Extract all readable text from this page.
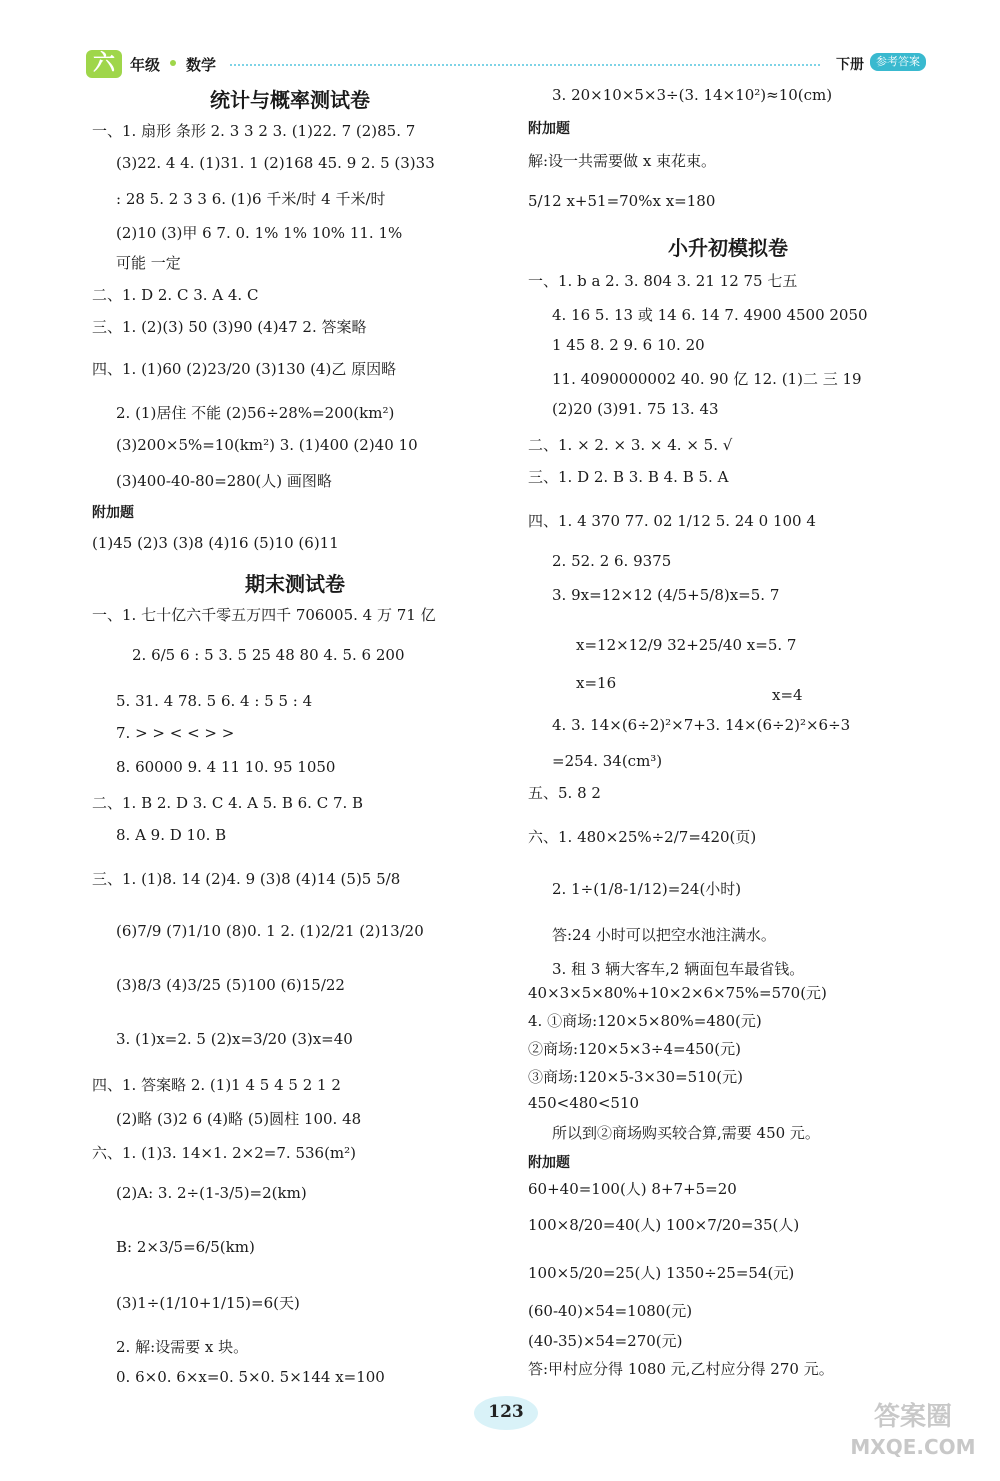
六	年级 数学	下册	参考答案
统计与概率测试卷
一、1. 扇形 条形 2. 3 3 2 3. (1)22. 7 (2)85. 7
(3)22. 4 4. (1)31. 1 (2)168 45. 9 2. 5 (3)33
: 28 5. 2 3 3 6. (1)6 千米/时 4 千米/时
(2)10 (3)甲 6 7. 0. 1% 1% 10% 11. 1%
可能 一定
二、1. D 2. C 3. A 4. C
三、1. (2)(3) 50 (3)90 (4)47 2. 答案略
四、1. (1)60 (2)23/20 (3)130 (4)乙 原因略
2. (1)居住 不能 (2)56÷28%=200(km²)
(3)200×5%=10(km²) 3. (1)400 (2)40 10
(3)400-40-80=280(人) 画图略
附加题
(1)45 (2)3 (3)8 (4)16 (5)10 (6)11
期末测试卷
一、1. 七十亿六千零五万四千 706005. 4 万 71 亿
2. 6/5 6 : 5 3. 5 25 48 80 4. 5. 6 200
5. 31. 4 78. 5 6. 4 : 5 5 : 4
7. > > < < > >
8. 60000 9. 4 11 10. 95 1050
二、1. B 2. D 3. C 4. A 5. B 6. C 7. B
8. A 9. D 10. B
三、1. (1)8. 14 (2)4. 9 (3)8 (4)14 (5)5 5/8
(6)7/9 (7)1/10 (8)0. 1 2. (1)2/21 (2)13/20
(3)8/3 (4)3/25 (5)100 (6)15/22
3. (1)x=2. 5 (2)x=3/20 (3)x=40
四、1. 答案略 2. (1)1 4 5 4 5 2 1 2
(2)略 (3)2 6 (4)略 (5)圆柱 100. 48
六、1. (1)3. 14×1. 2×2=7. 536(m²)
(2)A: 3. 2÷(1-3/5)=2(km)
B: 2×3/5=6/5(km)
(3)1÷(1/10+1/15)=6(天)
2. 解:设需要 x 块。
0. 6×0. 6×x=0. 5×0. 5×144 x=100
3. 20×10×5×3÷(3. 14×10²)≈10(cm)
附加题
解:设一共需要做 x 束花束。
5/12 x+51=70%x x=180
小升初模拟卷
一、1. b a 2. 3. 804 3. 21 12 75 七五
4. 16 5. 13 或 14 6. 14 7. 4900 4500 2050
1 45 8. 2 9. 6 10. 20
11. 4090000002 40. 90 亿 12. (1)二 三 19
(2)20 (3)91. 75 13. 43
二、1. × 2. × 3. × 4. × 5. √
三、1. D 2. B 3. B 4. B 5. A
四、1. 4 370 77. 02 1/12 5. 24 0 100 4
2. 52. 2 6. 9375
3. 9x=12×12 (4/5+5/8)x=5. 7
x=12×12/9 32+25/40 x=5. 7
x=16
x=4
4. 3. 14×(6÷2)²×7+3. 14×(6÷2)²×6÷3
=254. 34(cm³)
五、5. 8 2
六、1. 480×25%÷2/7=420(页)
2. 1÷(1/8-1/12)=24(小时)
答:24 小时可以把空水池注满水。
3. 租 3 辆大客车,2 辆面包车最省钱。
40×3×5×80%+10×2×6×75%=570(元)
4. ①商场:120×5×80%=480(元)
②商场:120×5×3÷4=450(元)
③商场:120×5-3×30=510(元)
450<480<510
所以到②商场购买较合算,需要 450 元。
附加题
60+40=100(人) 8+7+5=20
100×8/20=40(人) 100×7/20=35(人)
100×5/20=25(人) 1350÷25=54(元)
(60-40)×54=1080(元)
(40-35)×54=270(元)
答:甲村应分得 1080 元,乙村应分得 270 元。
123	答案圈
MXQE.COM
